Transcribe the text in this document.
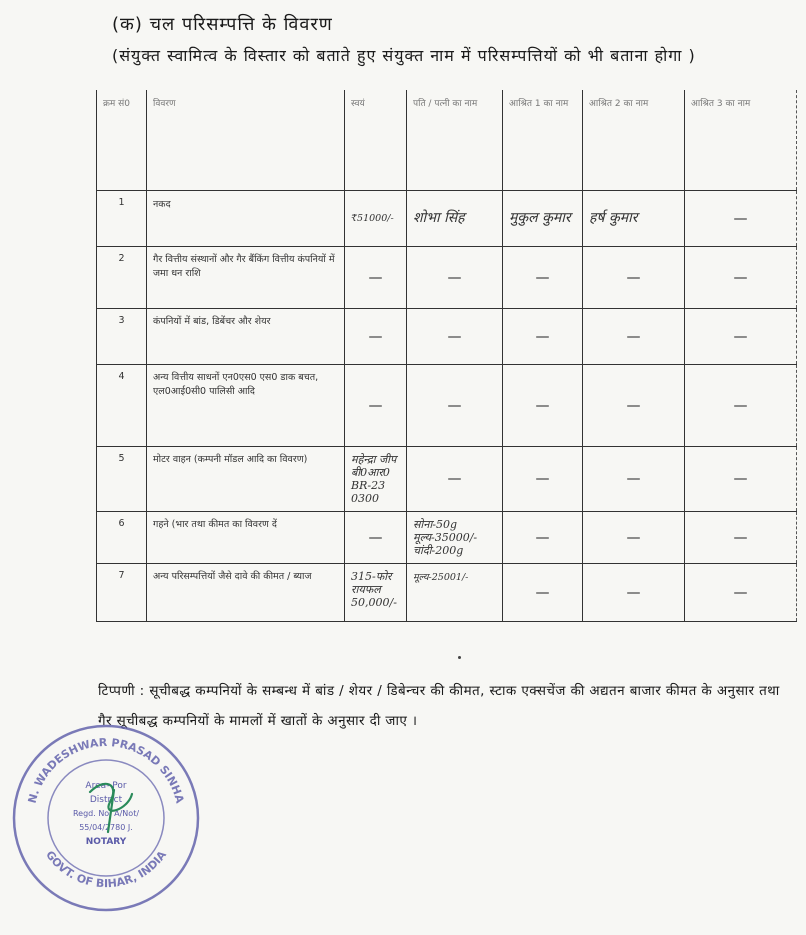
(क) चल परिसम्पत्ति के विवरण
(संयुक्त स्वामित्व के विस्तार को बताते हुए संयुक्त नाम में परिसम्पत्तियों को भी बताना होगा )
क्रम सं0	विवरण	स्वयं	पति / पत्नी का नाम	आश्रित 1 का नाम	आश्रित 2 का नाम	आश्रित 3 का नाम
1	नकद	₹51000/-	शोभा सिंह	मुकुल कुमार	हर्ष कुमार	—
2	गैर वित्तीय संस्थानों और गैर बैंकिंग वित्तीय कंपनियों में जमा धन राशि	—	—	—	—	—
3	कंपनियों में बांड, डिबेंचर और शेयर	—	—	—	—	—
4	अन्य वित्तीय साधनों एन0एस0 एस0 डाक बचत, एल0आई0सी0 पालिसी आदि	—	—	—	—	—
5	मोटर वाहन (कम्पनी मॉडल आदि का विवरण)	महेन्द्रा जीप बी0आर0 BR-23 0300	—	—	—	—
6	गहने (भार तथा कीमत का विवरण दें	—	सोना-50g मूल्य-35000/- चांदी-200g	—	—	—
7	अन्य परिसम्पत्तियों जैसे दावे की कीमत / ब्याज	315-फोर रायफल 50,000/-	मूल्य-25001/-	—	—	—
टिप्पणी : सूचीबद्ध कम्पनियों के सम्बन्ध में बांड / शेयर / डिबेन्चर की कीमत, स्टाक एक्सचेंज की अद्यतन बाजार कीमत के अनुसार तथा गैर सूचीबद्ध कम्पनियों के मामलों में खातों के अनुसार दी जाए ।
N. WADESHWAR PRASAD SINHA
GOVT. OF BIHAR, INDIA
Area- Por
District
Regd. No. A/Not/
55/04/2780 J.
NOTARY
